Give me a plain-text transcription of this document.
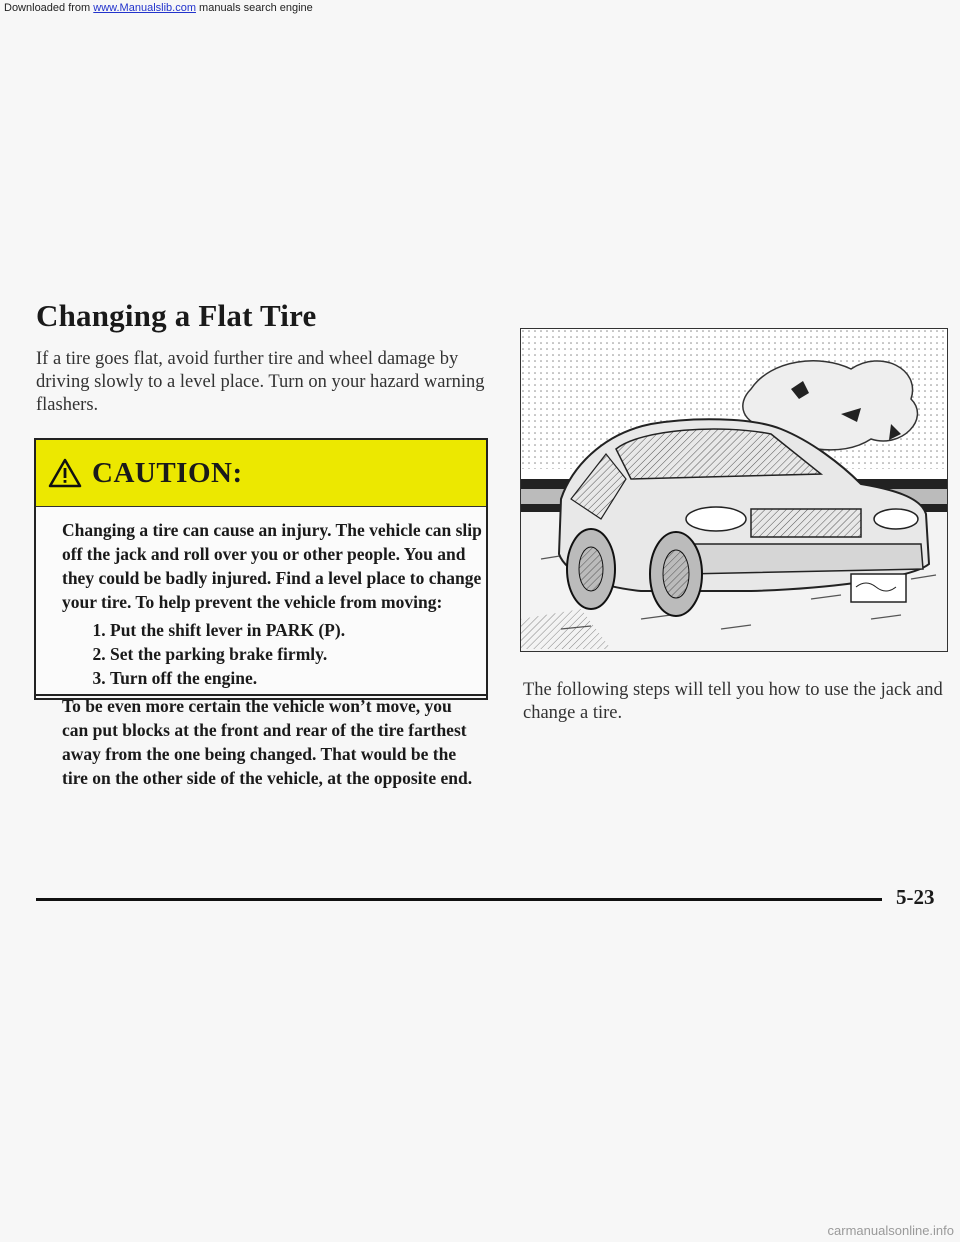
Downloaded from www.Manualslib.com manuals search engine
Changing a Flat Tire
If a tire goes flat, avoid further tire and wheel damage by driving slowly to a level place. Turn on your hazard warning flashers.
CAUTION:

Changing a tire can cause an injury. The vehicle can slip off the jack and roll over you or other people. You and they could be badly injured. Find a level place to change your tire. To help prevent the vehicle from moving:

1. Put the shift lever in PARK (P).
2. Set the parking brake firmly.
3. Turn off the engine.

To be even more certain the vehicle won’t move, you can put blocks at the front and rear of the tire farthest away from the one being changed. That would be the tire on the other side of the vehicle, at the opposite end.

The following steps will tell you how to use the jack and change a tire.
5-23
carmanualsonline.info
